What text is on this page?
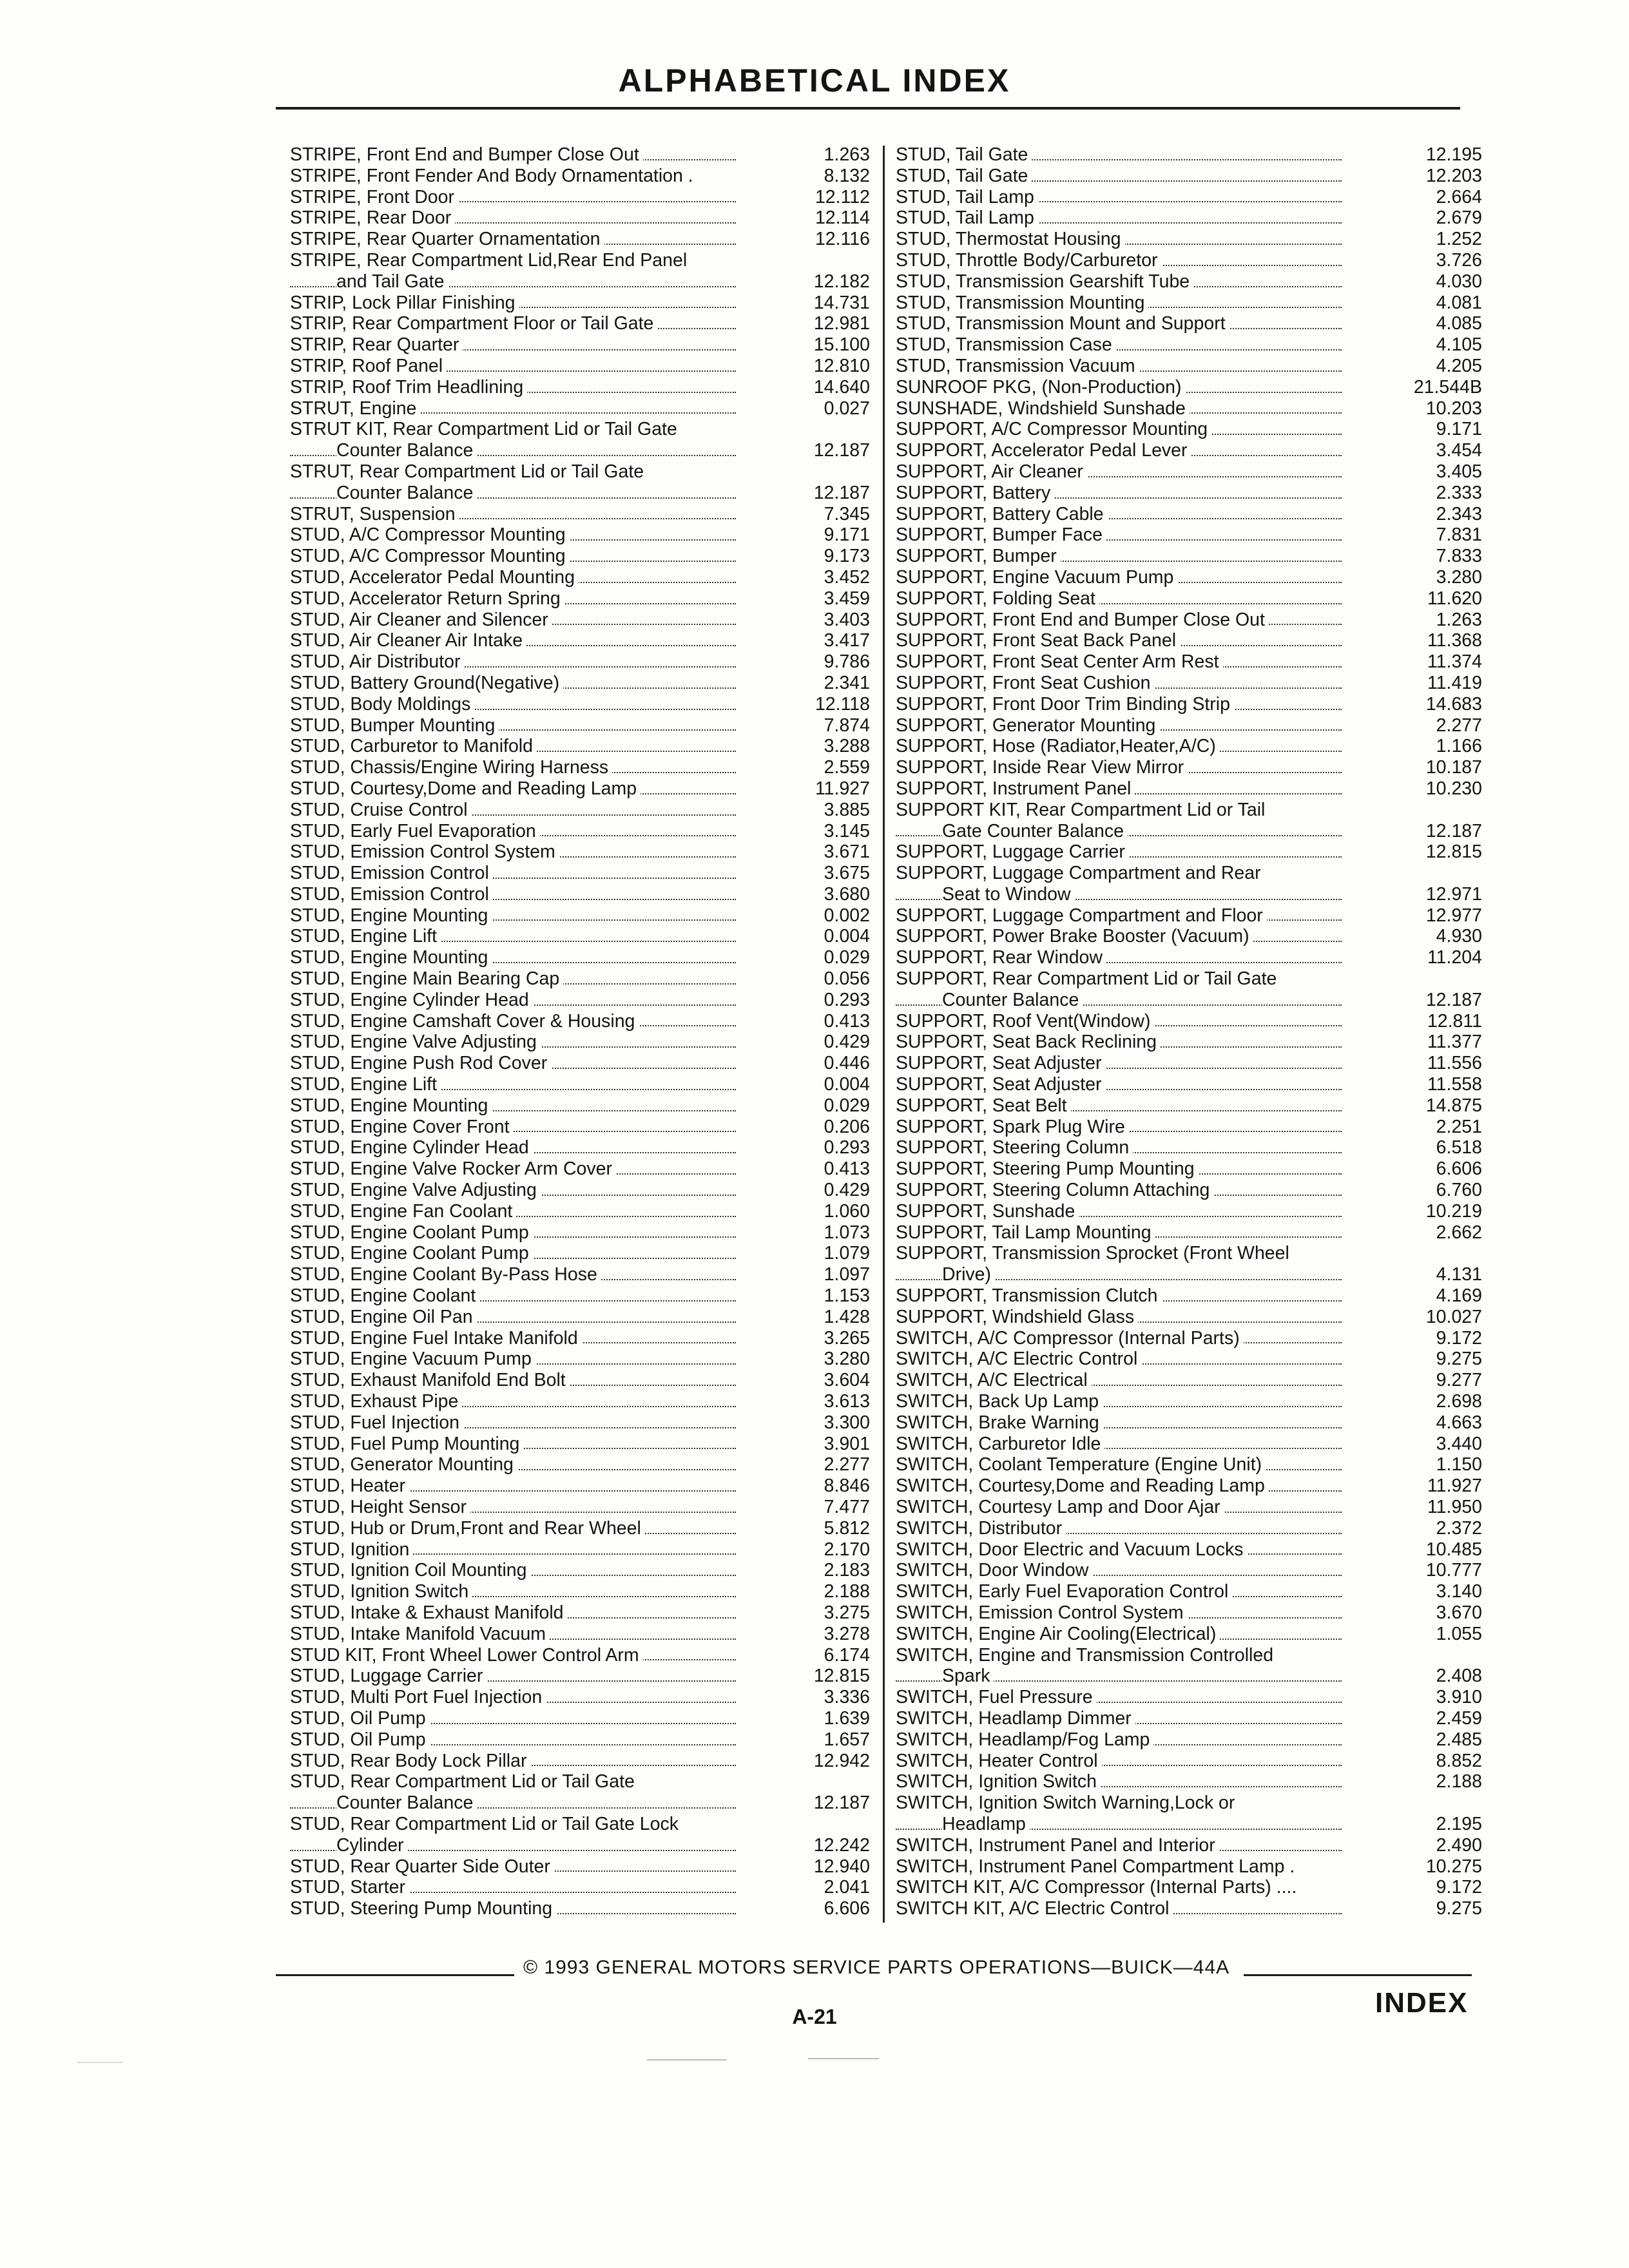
ALPHABETICAL INDEX
STRIPE, Front End and Bumper Close Out	1.263
STRIPE, Front Fender And Body Ornamentation .	8.132
STRIPE, Front Door	12.112
STRIPE, Rear Door	12.114
STRIPE, Rear Quarter Ornamentation	12.116
STRIPE, Rear Compartment Lid,Rear End Panel
and Tail Gate	12.182
STRIP, Lock Pillar Finishing	14.731
STRIP, Rear Compartment Floor or Tail Gate	12.981
STRIP, Rear Quarter	15.100
STRIP, Roof Panel	12.810
STRIP, Roof Trim Headlining	14.640
STRUT, Engine	0.027
STRUT KIT, Rear Compartment Lid or Tail Gate
Counter Balance	12.187
STRUT, Rear Compartment Lid or Tail Gate
Counter Balance	12.187
STRUT, Suspension	7.345
STUD, A/C Compressor Mounting	9.171
STUD, A/C Compressor Mounting	9.173
STUD, Accelerator Pedal Mounting	3.452
STUD, Accelerator Return Spring	3.459
STUD, Air Cleaner and Silencer	3.403
STUD, Air Cleaner Air Intake	3.417
STUD, Air Distributor	9.786
STUD, Battery Ground(Negative)	2.341
STUD, Body Moldings	12.118
STUD, Bumper Mounting	7.874
STUD, Carburetor to Manifold	3.288
STUD, Chassis/Engine Wiring Harness	2.559
STUD, Courtesy,Dome and Reading Lamp	11.927
STUD, Cruise Control	3.885
STUD, Early Fuel Evaporation	3.145
STUD, Emission Control System	3.671
STUD, Emission Control	3.675
STUD, Emission Control	3.680
STUD, Engine Mounting	0.002
STUD, Engine Lift	0.004
STUD, Engine Mounting	0.029
STUD, Engine Main Bearing Cap	0.056
STUD, Engine Cylinder Head	0.293
STUD, Engine Camshaft Cover & Housing	0.413
STUD, Engine Valve Adjusting	0.429
STUD, Engine Push Rod Cover	0.446
STUD, Engine Lift	0.004
STUD, Engine Mounting	0.029
STUD, Engine Cover Front	0.206
STUD, Engine Cylinder Head	0.293
STUD, Engine Valve Rocker Arm Cover	0.413
STUD, Engine Valve Adjusting	0.429
STUD, Engine Fan Coolant	1.060
STUD, Engine Coolant Pump	1.073
STUD, Engine Coolant Pump	1.079
STUD, Engine Coolant By-Pass Hose	1.097
STUD, Engine Coolant	1.153
STUD, Engine Oil Pan	1.428
STUD, Engine Fuel Intake Manifold	3.265
STUD, Engine Vacuum Pump	3.280
STUD, Exhaust Manifold End Bolt	3.604
STUD, Exhaust Pipe	3.613
STUD, Fuel Injection	3.300
STUD, Fuel Pump Mounting	3.901
STUD, Generator Mounting	2.277
STUD, Heater	8.846
STUD, Height Sensor	7.477
STUD, Hub or Drum,Front and Rear Wheel	5.812
STUD, Ignition	2.170
STUD, Ignition Coil Mounting	2.183
STUD, Ignition Switch	2.188
STUD, Intake & Exhaust Manifold	3.275
STUD, Intake Manifold Vacuum	3.278
STUD KIT, Front Wheel Lower Control Arm	6.174
STUD, Luggage Carrier	12.815
STUD, Multi Port Fuel Injection	3.336
STUD, Oil Pump	1.639
STUD, Oil Pump	1.657
STUD, Rear Body Lock Pillar	12.942
STUD, Rear Compartment Lid or Tail Gate
Counter Balance	12.187
STUD, Rear Compartment Lid or Tail Gate Lock
Cylinder	12.242
STUD, Rear Quarter Side Outer	12.940
STUD, Starter	2.041
STUD, Steering Pump Mounting	6.606
STUD, Tail Gate	12.195
STUD, Tail Gate	12.203
STUD, Tail Lamp	2.664
STUD, Tail Lamp	2.679
STUD, Thermostat Housing	1.252
STUD, Throttle Body/Carburetor	3.726
STUD, Transmission Gearshift Tube	4.030
STUD, Transmission Mounting	4.081
STUD, Transmission Mount and Support	4.085
STUD, Transmission Case	4.105
STUD, Transmission Vacuum	4.205
SUNROOF PKG, (Non-Production)	21.544B
SUNSHADE, Windshield Sunshade	10.203
SUPPORT, A/C Compressor Mounting	9.171
SUPPORT, Accelerator Pedal Lever	3.454
SUPPORT, Air Cleaner	3.405
SUPPORT, Battery	2.333
SUPPORT, Battery Cable	2.343
SUPPORT, Bumper Face	7.831
SUPPORT, Bumper	7.833
SUPPORT, Engine Vacuum Pump	3.280
SUPPORT, Folding Seat	11.620
SUPPORT, Front End and Bumper Close Out	1.263
SUPPORT, Front Seat Back Panel	11.368
SUPPORT, Front Seat Center Arm Rest	11.374
SUPPORT, Front Seat Cushion	11.419
SUPPORT, Front Door Trim Binding Strip	14.683
SUPPORT, Generator Mounting	2.277
SUPPORT, Hose (Radiator,Heater,A/C)	1.166
SUPPORT, Inside Rear View Mirror	10.187
SUPPORT, Instrument Panel	10.230
SUPPORT KIT, Rear Compartment Lid or Tail
Gate Counter Balance	12.187
SUPPORT, Luggage Carrier	12.815
SUPPORT, Luggage Compartment and Rear
Seat to Window	12.971
SUPPORT, Luggage Compartment and Floor	12.977
SUPPORT, Power Brake Booster (Vacuum)	4.930
SUPPORT, Rear Window	11.204
SUPPORT, Rear Compartment Lid or Tail Gate
Counter Balance	12.187
SUPPORT, Roof Vent(Window)	12.811
SUPPORT, Seat Back Reclining	11.377
SUPPORT, Seat Adjuster	11.556
SUPPORT, Seat Adjuster	11.558
SUPPORT, Seat Belt	14.875
SUPPORT, Spark Plug Wire	2.251
SUPPORT, Steering Column	6.518
SUPPORT, Steering Pump Mounting	6.606
SUPPORT, Steering Column Attaching	6.760
SUPPORT, Sunshade	10.219
SUPPORT, Tail Lamp Mounting	2.662
SUPPORT, Transmission Sprocket (Front Wheel
Drive)	4.131
SUPPORT, Transmission Clutch	4.169
SUPPORT, Windshield Glass	10.027
SWITCH, A/C Compressor (Internal Parts)	9.172
SWITCH, A/C Electric Control	9.275
SWITCH, A/C Electrical	9.277
SWITCH, Back Up Lamp	2.698
SWITCH, Brake Warning	4.663
SWITCH, Carburetor Idle	3.440
SWITCH, Coolant Temperature (Engine Unit)	1.150
SWITCH, Courtesy,Dome and Reading Lamp	11.927
SWITCH, Courtesy Lamp and Door Ajar	11.950
SWITCH, Distributor	2.372
SWITCH, Door Electric and Vacuum Locks	10.485
SWITCH, Door Window	10.777
SWITCH, Early Fuel Evaporation Control	3.140
SWITCH, Emission Control System	3.670
SWITCH, Engine Air Cooling(Electrical)	1.055
SWITCH, Engine and Transmission Controlled
Spark	2.408
SWITCH, Fuel Pressure	3.910
SWITCH, Headlamp Dimmer	2.459
SWITCH, Headlamp/Fog Lamp	2.485
SWITCH, Heater Control	8.852
SWITCH, Ignition Switch	2.188
SWITCH, Ignition Switch Warning,Lock or
Headlamp	2.195
SWITCH, Instrument Panel and Interior	2.490
SWITCH, Instrument Panel Compartment Lamp .	10.275
SWITCH KIT, A/C Compressor (Internal Parts) ....	9.172
SWITCH KIT, A/C Electric Control	9.275
© 1993 GENERAL MOTORS SERVICE PARTS OPERATIONS—BUICK—44A
A-21	INDEX
